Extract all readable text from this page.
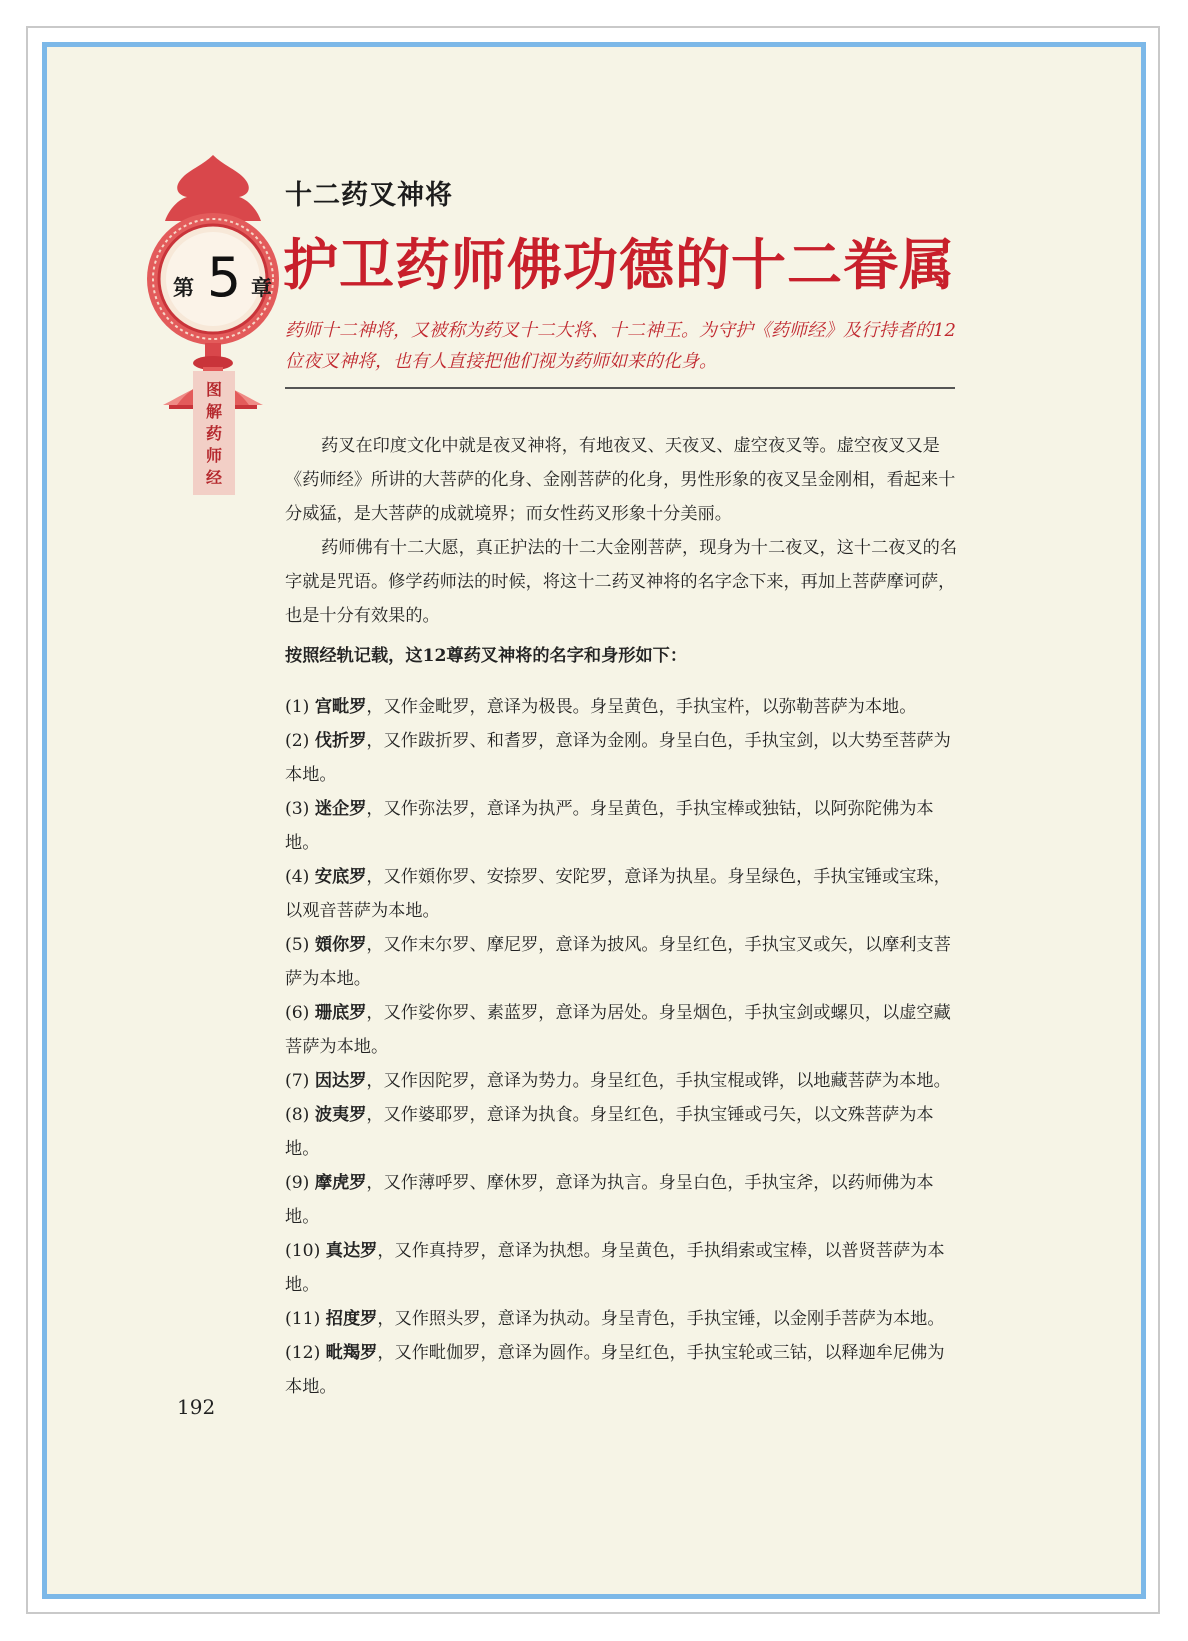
第 5 章
图
解
药
师
经
十二药叉神将
护卫药师佛功德的十二眷属
药师十二神将，又被称为药叉十二大将、十二神王。为守护《药师经》及行持者的12位夜叉神将，也有人直接把他们视为药师如来的化身。

药叉在印度文化中就是夜叉神将，有地夜叉、天夜叉、虚空夜叉等。虚空夜叉又是《药师经》所讲的大菩萨的化身、金刚菩萨的化身，男性形象的夜叉呈金刚相，看起来十分威猛，是大菩萨的成就境界；而女性药叉形象十分美丽。

药师佛有十二大愿，真正护法的十二大金刚菩萨，现身为十二夜叉，这十二夜叉的名字就是咒语。修学药师法的时候，将这十二药叉神将的名字念下来，再加上菩萨摩诃萨，也是十分有效果的。

按照经轨记载，这12尊药叉神将的名字和身形如下：

(1) 宫毗罗，又作金毗罗，意译为极畏。身呈黄色，手执宝杵，以弥勒菩萨为本地。

(2) 伐折罗，又作跋折罗、和耆罗，意译为金刚。身呈白色，手执宝剑，以大势至菩萨为本地。

(3) 迷企罗，又作弥法罗，意译为执严。身呈黄色，手执宝棒或独钴，以阿弥陀佛为本地。

(4) 安底罗，又作頞你罗、安捺罗、安陀罗，意译为执星。身呈绿色，手执宝锤或宝珠，以观音菩萨为本地。

(5) 頞你罗，又作末尔罗、摩尼罗，意译为披风。身呈红色，手执宝叉或矢，以摩利支菩萨为本地。

(6) 珊底罗，又作娑你罗、素蓝罗，意译为居处。身呈烟色，手执宝剑或螺贝，以虚空藏菩萨为本地。

(7) 因达罗，又作因陀罗，意译为势力。身呈红色，手执宝棍或铧，以地藏菩萨为本地。

(8) 波夷罗，又作婆耶罗，意译为执食。身呈红色，手执宝锤或弓矢，以文殊菩萨为本地。

(9) 摩虎罗，又作薄呼罗、摩休罗，意译为执言。身呈白色，手执宝斧，以药师佛为本地。

(10) 真达罗，又作真持罗，意译为执想。身呈黄色，手执绢索或宝棒，以普贤菩萨为本地。

(11) 招度罗，又作照头罗，意译为执动。身呈青色，手执宝锤，以金刚手菩萨为本地。

(12) 毗羯罗，又作毗伽罗，意译为圆作。身呈红色，手执宝轮或三钴，以释迦牟尼佛为本地。

192
